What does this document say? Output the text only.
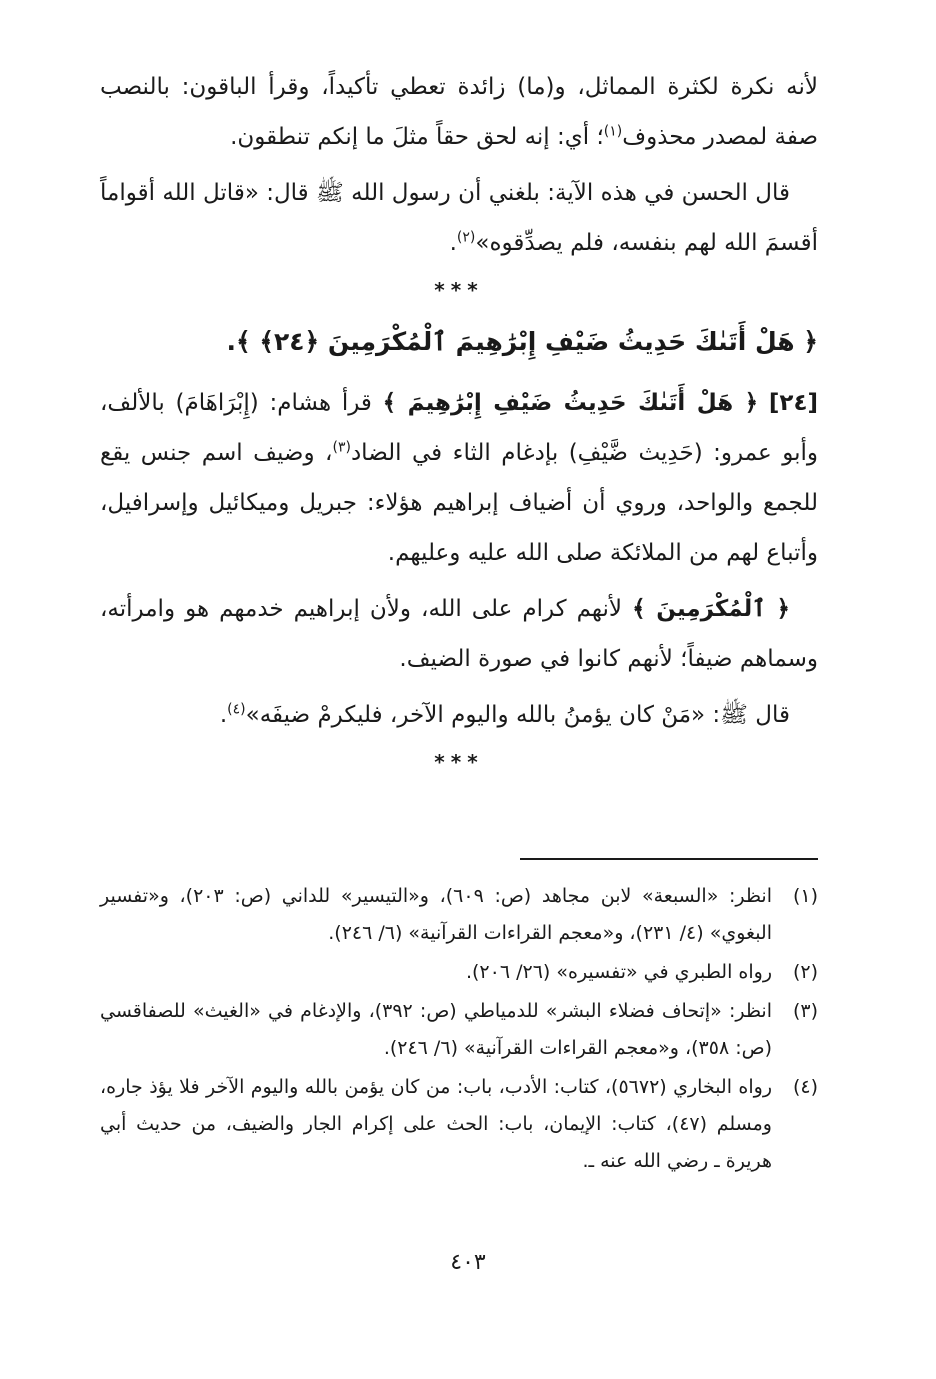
لأنه نكرة لكثرة المماثل، و(ما) زائدة تعطي تأكيداً، وقرأ الباقون: بالنصب صفة لمصدر محذوف$^{(١)}$؛ أي: إنه لحق حقاً مثلَ ما إنكم تنطقون.

قال الحسن في هذه الآية: بلغني أن رسول الله ﷺ قال: «قاتل الله أقواماً أقسمَ الله لهم بنفسه، فلم يصدِّقوه»$^{(٢)}$.

***

﴿ هَلْ أَتَىٰكَ حَدِيثُ ضَيْفِ إِبْرَٰهِيمَ ٱلْمُكْرَمِينَ ﴿٢٤﴾ ﴾.

[٢٤] ﴿ هَلْ أَتَىٰكَ حَدِيثُ ضَيْفِ إِبْرَٰهِيمَ ﴾ قرأ هشام: (إِبْرَاهَامَ) بالألف، وأبو عمرو: (حَدِيث ضَّيْفِ) بإدغام الثاء في الضاد$^{(٣)}$، وضيف اسم جنس يقع للجمع والواحد، وروي أن أضياف إبراهيم هؤلاء: جبريل وميكائيل وإسرافيل، وأتباع لهم من الملائكة صلى الله عليه وعليهم.

﴿ ٱلْمُكْرَمِينَ ﴾ لأنهم كرام على الله، ولأن إبراهيم خدمهم هو وامرأته، وسماهم ضيفاً؛ لأنهم كانوا في صورة الضيف.

قال ﷺ: «مَنْ كان يؤمنُ بالله واليوم الآخر، فليكرمْ ضيفَه»$^{(٤)}$.

***
(١)
انظر: «السبعة» لابن مجاهد (ص: ٦٠٩)، و«التيسير» للداني (ص: ٢٠٣)، و«تفسير البغوي» (٤/ ٢٣١)، و«معجم القراءات القرآنية» (٦/ ٢٤٦).
(٢)
رواه الطبري في «تفسيره» (٢٦/ ٢٠٦).
(٣)
انظر: «إتحاف فضلاء البشر» للدمياطي (ص: ٣٩٢)، والإدغام في «الغيث» للصفاقسي (ص: ٣٥٨)، و«معجم القراءات القرآنية» (٦/ ٢٤٦).
(٤)
رواه البخاري (٥٦٧٢)، كتاب: الأدب، باب: من كان يؤمن بالله واليوم الآخر فلا يؤذ جاره، ومسلم (٤٧)، كتاب: الإيمان، باب: الحث على إكرام الجار والضيف، من حديث أبي هريرة ـ رضي الله عنه ـ.
٤٠٣
